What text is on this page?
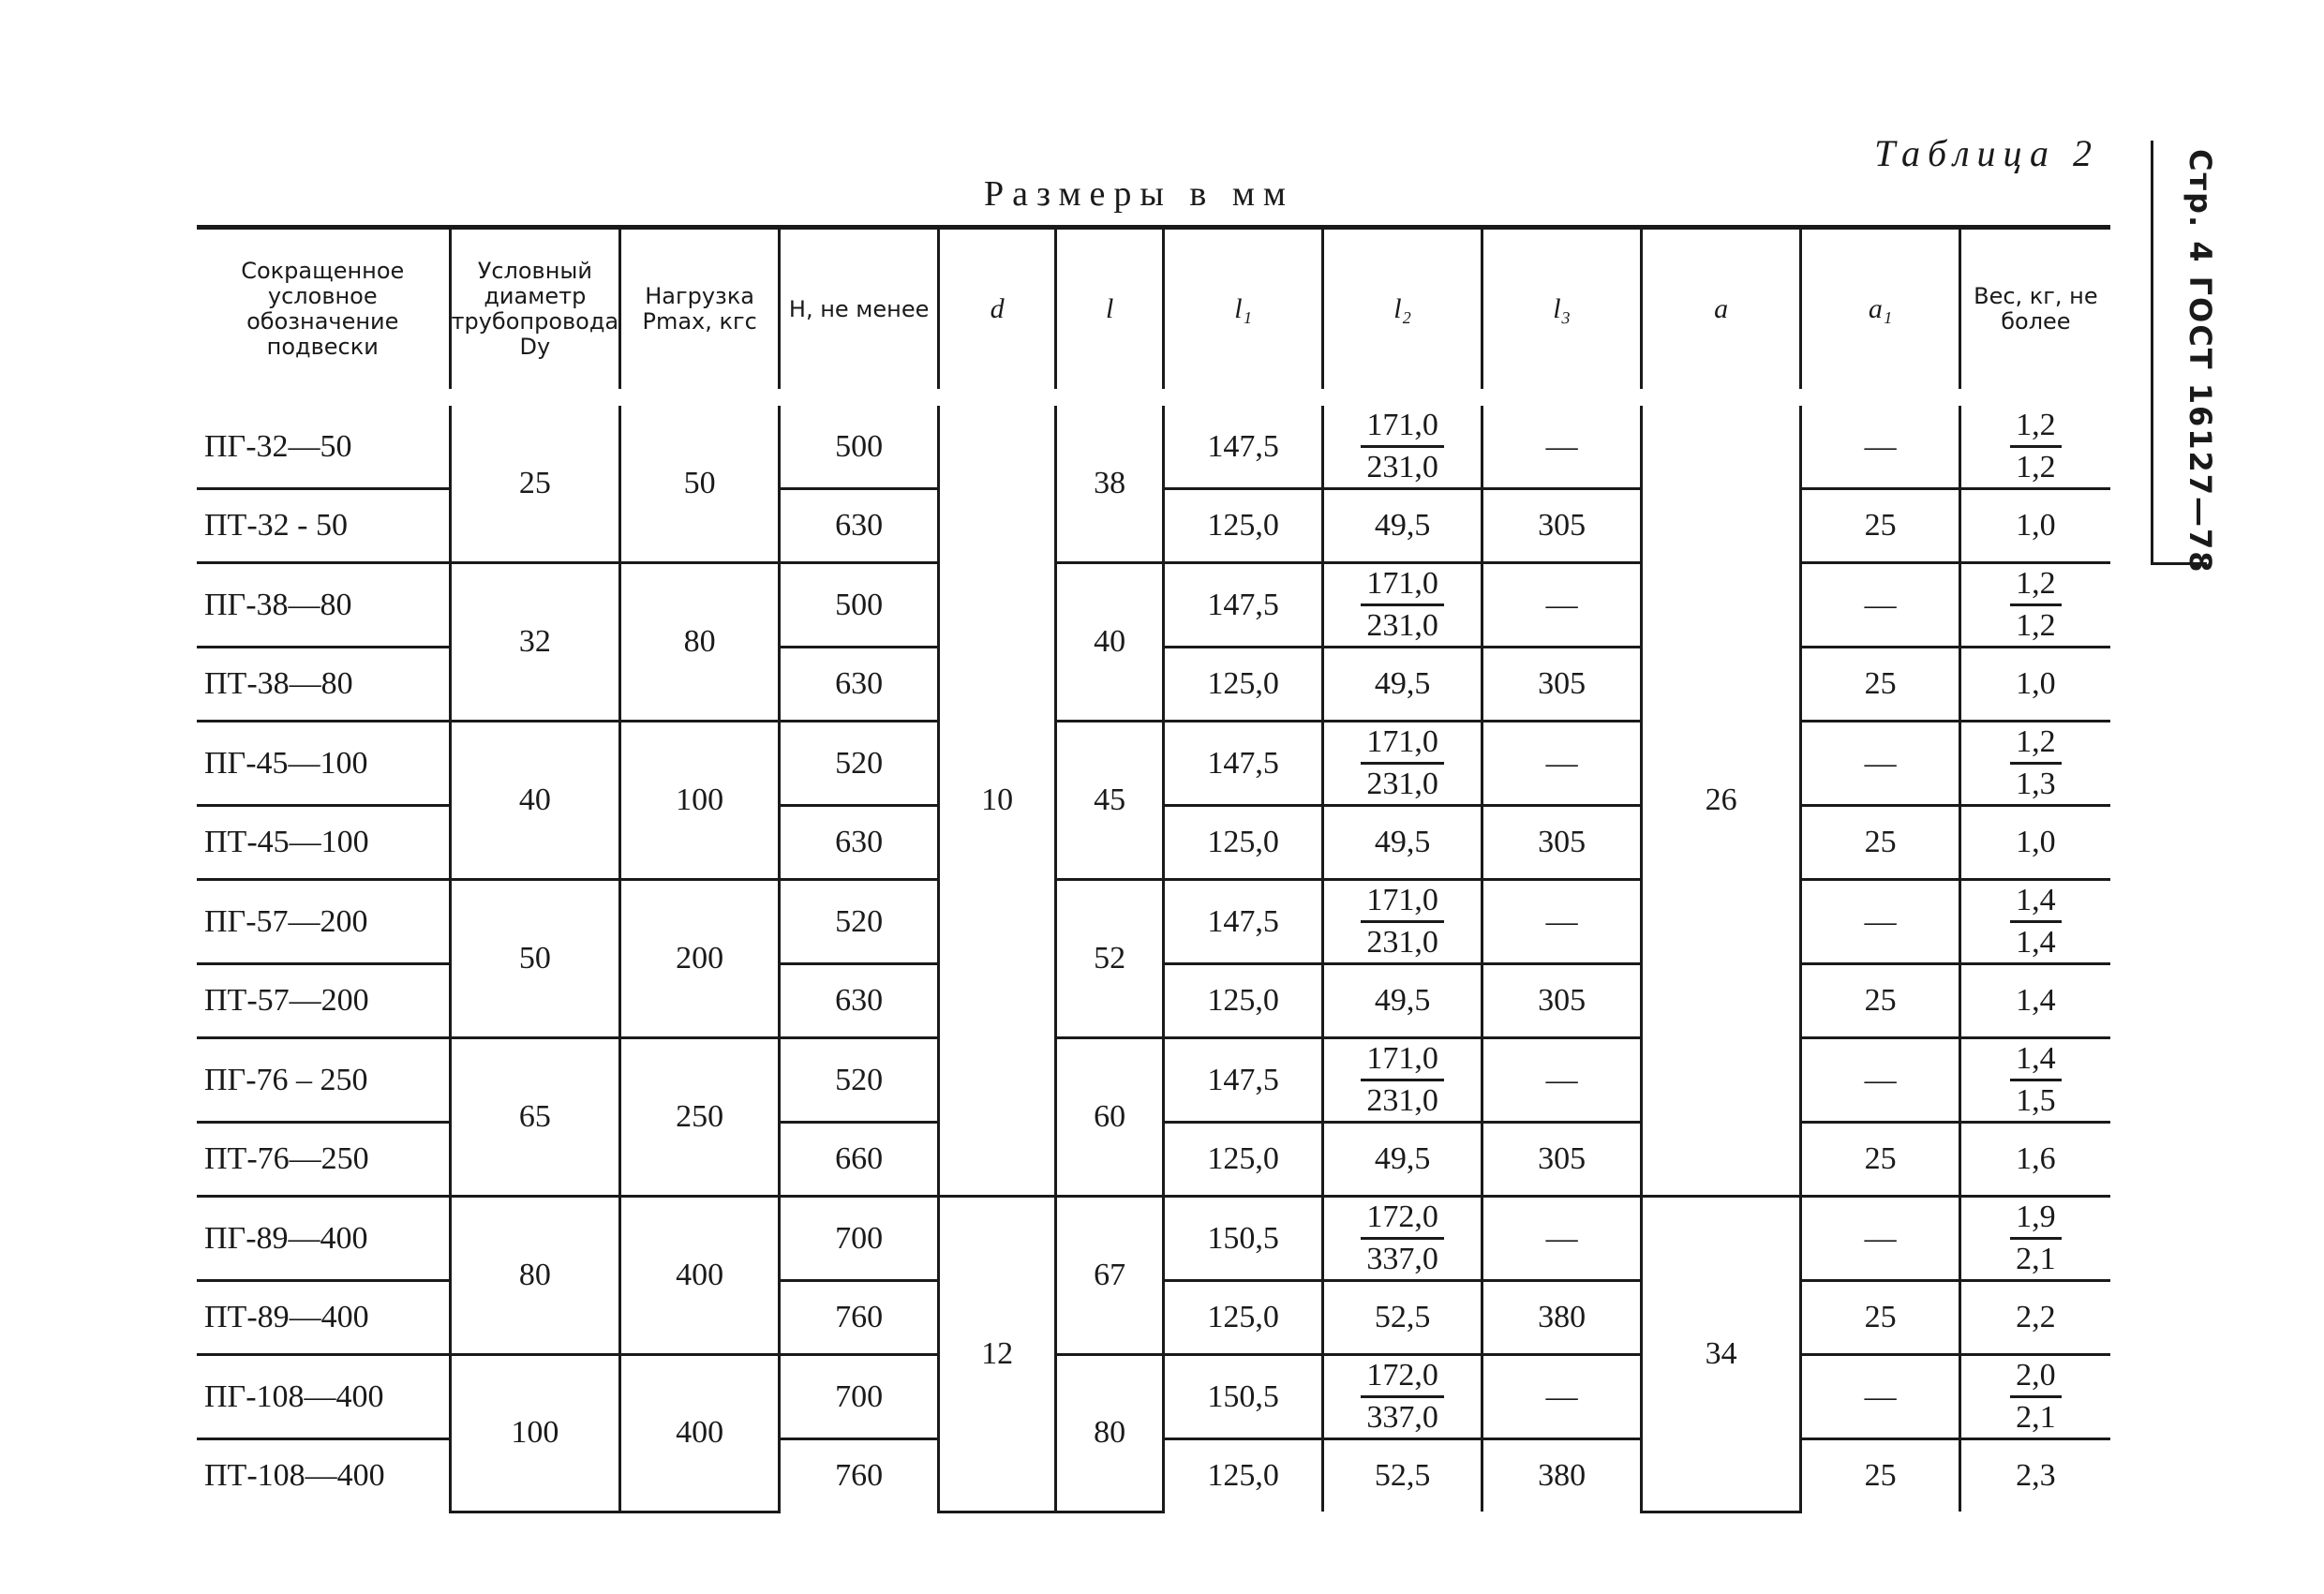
Стр. 4 ГОСТ 16127—78
Таблица 2
Размеры в мм
Сокращенное условное обозначение подвески	Условный диаметр трубопровода Dy	Нагрузка Pmax, кгс	H, не менее	d	l	l₁	l₂	l₃	a	a₁	Вес, кг, не более
ПГ-32—50	25	50	500	10	38	147,5	$\frac{171,0}{231,0}$	—	26	—	$\frac{1,2}{1,2}$

ПТ-32 - 50			630			125,0	49,5	305		25	1,0
ПГ-38—80	32	80	500		40	147,5	$\frac{171,0}{231,0}$	—		—	$\frac{1,2}{1,2}$

ПТ-38—80			630			125,0	49,5	305		25	1,0
ПГ-45—100	40	100	520		45	147,5	$\frac{171,0}{231,0}$	—		—	$\frac{1,2}{1,3}$

ПТ-45—100			630			125,0	49,5	305		25	1,0
ПГ-57—200	50	200	520		52	147,5	$\frac{171,0}{231,0}$	—		—	$\frac{1,4}{1,4}$

ПТ-57—200			630			125,0	49,5	305		25	1,4
ПГ-76 – 250	65	250	520		60	147,5	$\frac{171,0}{231,0}$	—		—	$\frac{1,4}{1,5}$

ПТ-76—250			660			125,0	49,5	305		25	1,6
ПГ-89—400	80	400	700	12	67	150,5	$\frac{172,0}{337,0}$	—	34	—	$\frac{1,9}{2,1}$

ПТ-89—400			760			125,0	52,5	380		25	2,2
ПГ-108—400	100	400	700		80	150,5	$\frac{172,0}{337,0}$	—		—	$\frac{2,0}{2,1}$

ПТ-108—400			760			125,0	52,5	380		25	2,3
